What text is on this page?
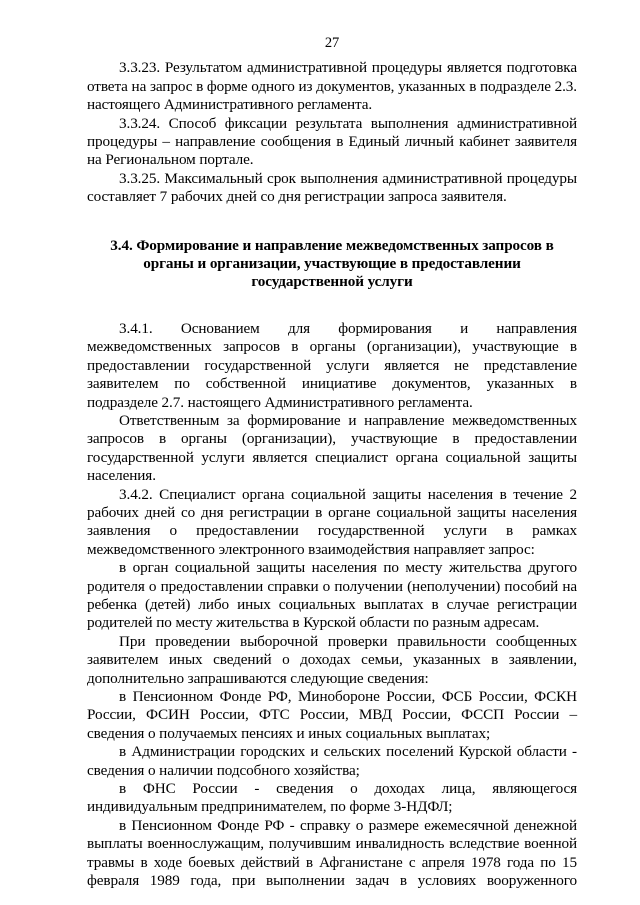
27

3.3.23. Результатом административной процедуры является подготовка ответа на запрос в форме одного из документов, указанных в подразделе 2.3. настоящего Административного регламента.

3.3.24. Способ фиксации результата выполнения административной процедуры – направление сообщения в Единый личный кабинет заявителя на Региональном портале.

3.3.25. Максимальный срок выполнения административной процедуры составляет 7 рабочих дней со дня регистрации запроса заявителя.

3.4. Формирование и направление межведомственных запросов в органы и организации, участвующие в предоставлении государственной услуги

3.4.1. Основанием для формирования и направления межведомственных запросов в органы (организации), участвующие в предоставлении государственной услуги является не представление заявителем по собственной инициативе документов, указанных в подразделе 2.7. настоящего Административного регламента.

Ответственным за формирование и направление межведомственных запросов в органы (организации), участвующие в предоставлении государственной услуги является специалист органа социальной защиты населения.

3.4.2. Специалист органа социальной защиты населения в течение 2 рабочих дней со дня регистрации в органе социальной защиты населения заявления о предоставлении государственной услуги в рамках межведомственного электронного взаимодействия направляет запрос:

в орган социальной защиты населения по месту жительства другого родителя о предоставлении справки о получении (неполучении) пособий на ребенка (детей) либо иных социальных выплатах в случае регистрации родителей по месту жительства в Курской области по разным адресам.

При проведении выборочной проверки правильности сообщенных заявителем иных сведений о доходах семьи, указанных в заявлении, дополнительно запрашиваются следующие сведения:

в Пенсионном Фонде РФ, Минобороне России, ФСБ России, ФСКН России, ФСИН России, ФТС России, МВД России, ФССП России – сведения о получаемых пенсиях и иных социальных выплатах;

в Администрации городских и сельских поселений Курской области - сведения о наличии подсобного хозяйства;

в ФНС России - сведения о доходах лица, являющегося индивидуальным предпринимателем, по форме 3-НДФЛ;

в Пенсионном Фонде РФ - справку о размере ежемесячной денежной выплаты военнослужащим, получившим инвалидность вследствие военной травмы в ходе боевых действий в Афганистане с апреля 1978 года по 15 февраля 1989 года, при выполнении задач в условиях вооруженного
